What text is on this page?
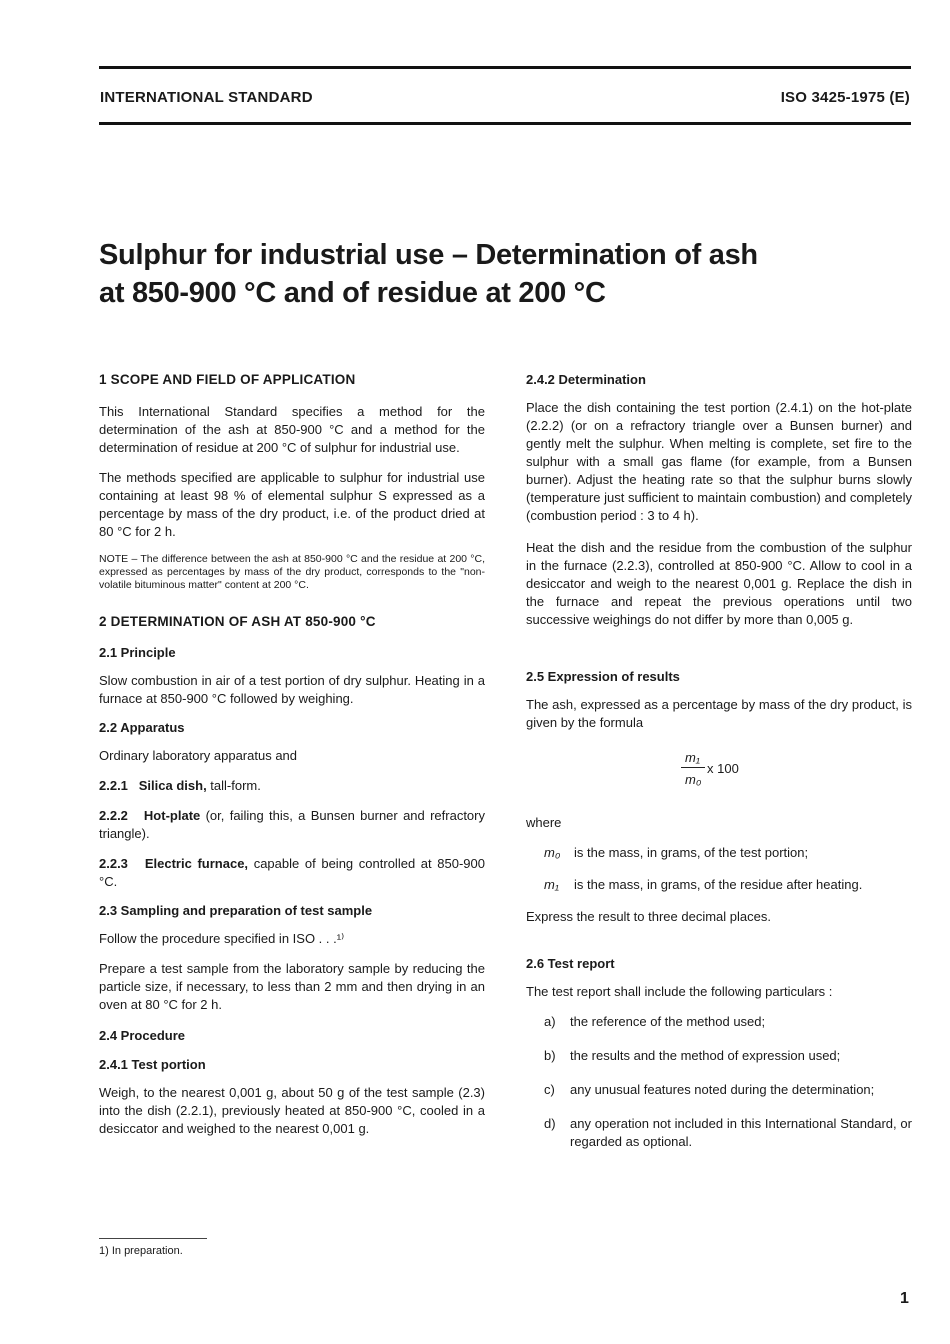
INTERNATIONAL STANDARD	ISO 3425-1975 (E)
Sulphur for industrial use – Determination of ash
at 850-900 °C and of residue at 200 °C
1 SCOPE AND FIELD OF APPLICATION

This International Standard specifies a method for the determination of the ash at 850-900 °C and a method for the determination of residue at 200 °C of sulphur for industrial use.

The methods specified are applicable to sulphur for industrial use containing at least 98 % of elemental sulphur S expressed as a percentage by mass of the dry product, i.e. of the product dried at 80 °C for 2 h.

NOTE – The difference between the ash at 850-900 °C and the residue at 200 °C, expressed as percentages by mass of the dry product, corresponds to the "non-volatile bituminous matter" content at 200 °C.

2 DETERMINATION OF ASH AT 850-900 °C
2.1 Principle

Slow combustion in air of a test portion of dry sulphur. Heating in a furnace at 850-900 °C followed by weighing.

2.2 Apparatus

Ordinary laboratory apparatus and

2.2.1 Silica dish, tall-form.

2.2.2 Hot-plate (or, failing this, a Bunsen burner and refractory triangle).

2.2.3 Electric furnace, capable of being controlled at 850-900 °C.

2.3 Sampling and preparation of test sample

Follow the procedure specified in ISO . . .¹⁾

Prepare a test sample from the laboratory sample by reducing the particle size, if necessary, to less than 2 mm and then drying in an oven at 80 °C for 2 h.

2.4 Procedure
2.4.1 Test portion

Weigh, to the nearest 0,001 g, about 50 g of the test sample (2.3) into the dish (2.2.1), previously heated at 850-900 °C, cooled in a desiccator and weighed to the nearest 0,001 g.

2.4.2 Determination

Place the dish containing the test portion (2.4.1) on the hot-plate (2.2.2) (or on a refractory triangle over a Bunsen burner) and gently melt the sulphur. When melting is complete, set fire to the sulphur with a small gas flame (for example, from a Bunsen burner). Adjust the heating rate so that the sulphur burns slowly (temperature just sufficient to maintain combustion) and completely (combustion period : 3 to 4 h).

Heat the dish and the residue from the combustion of the sulphur in the furnace (2.2.3), controlled at 850-900 °C. Allow to cool in a desiccator and weigh to the nearest 0,001 g. Replace the dish in the furnace and repeat the previous operations until two successive weighings do not differ by more than 0,005 g.

2.5 Expression of results

The ash, expressed as a percentage by mass of the dry product, is given by the formula

m₁
m₀
x 100

where

m₀	is the mass, in grams, of the test portion;
m₁	is the mass, in grams, of the residue after heating.

Express the result to three decimal places.

2.6 Test report

The test report shall include the following particulars :

a)	the reference of the method used;
b)	the results and the method of expression used;
c)	any unusual features noted during the determination;
d)	any operation not included in this International Standard, or regarded as optional.
1) In preparation.
1
